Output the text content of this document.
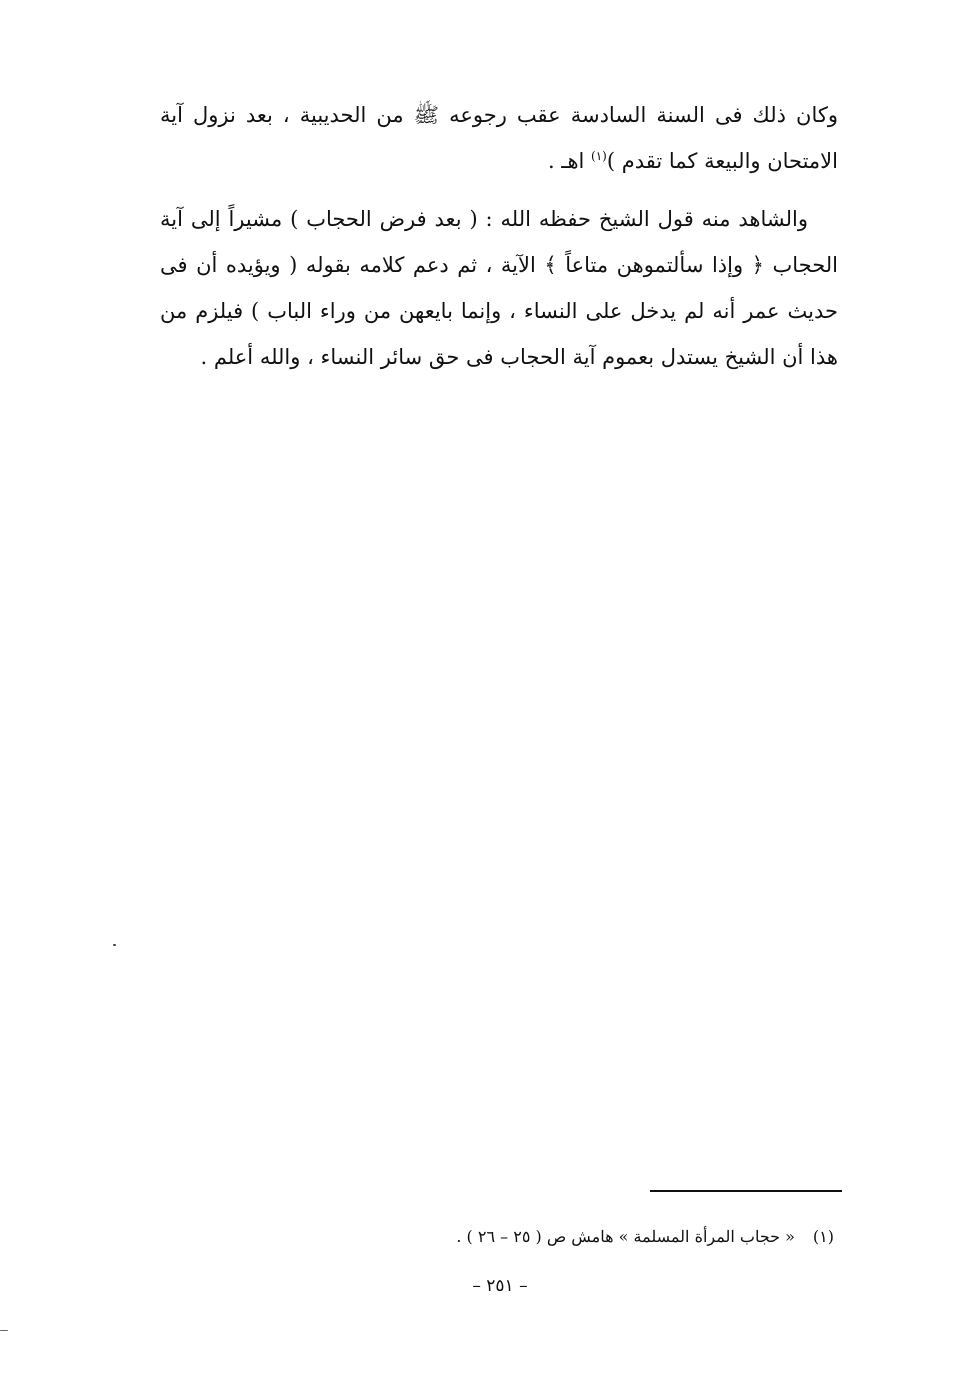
وكان ذلك فى السنة السادسة عقب رجوعه ﷺ من الحديبية ، بعد نزول آية الامتحان والبيعة كما تقدم )$^{(١)}$ اهـ .

والشاهد منه قول الشيخ حفظه الله : ( بعد فرض الحجاب ) مشيراً إلى آية الحجاب ﴿ وإذا سألتموهن متاعاً ﴾ الآية ، ثم دعم كلامه بقوله ( ويؤيده أن فى حديث عمر أنه لم يدخل على النساء ، وإنما بايعهن من وراء الباب ) فيلزم من هذا أن الشيخ يستدل بعموم آية الحجاب فى حق سائر النساء ، والله أعلم .

(١)« حجاب المرأة المسلمة » هامش ص ( ٢٥ – ٢٦ ) .
– ٢٥١ –
